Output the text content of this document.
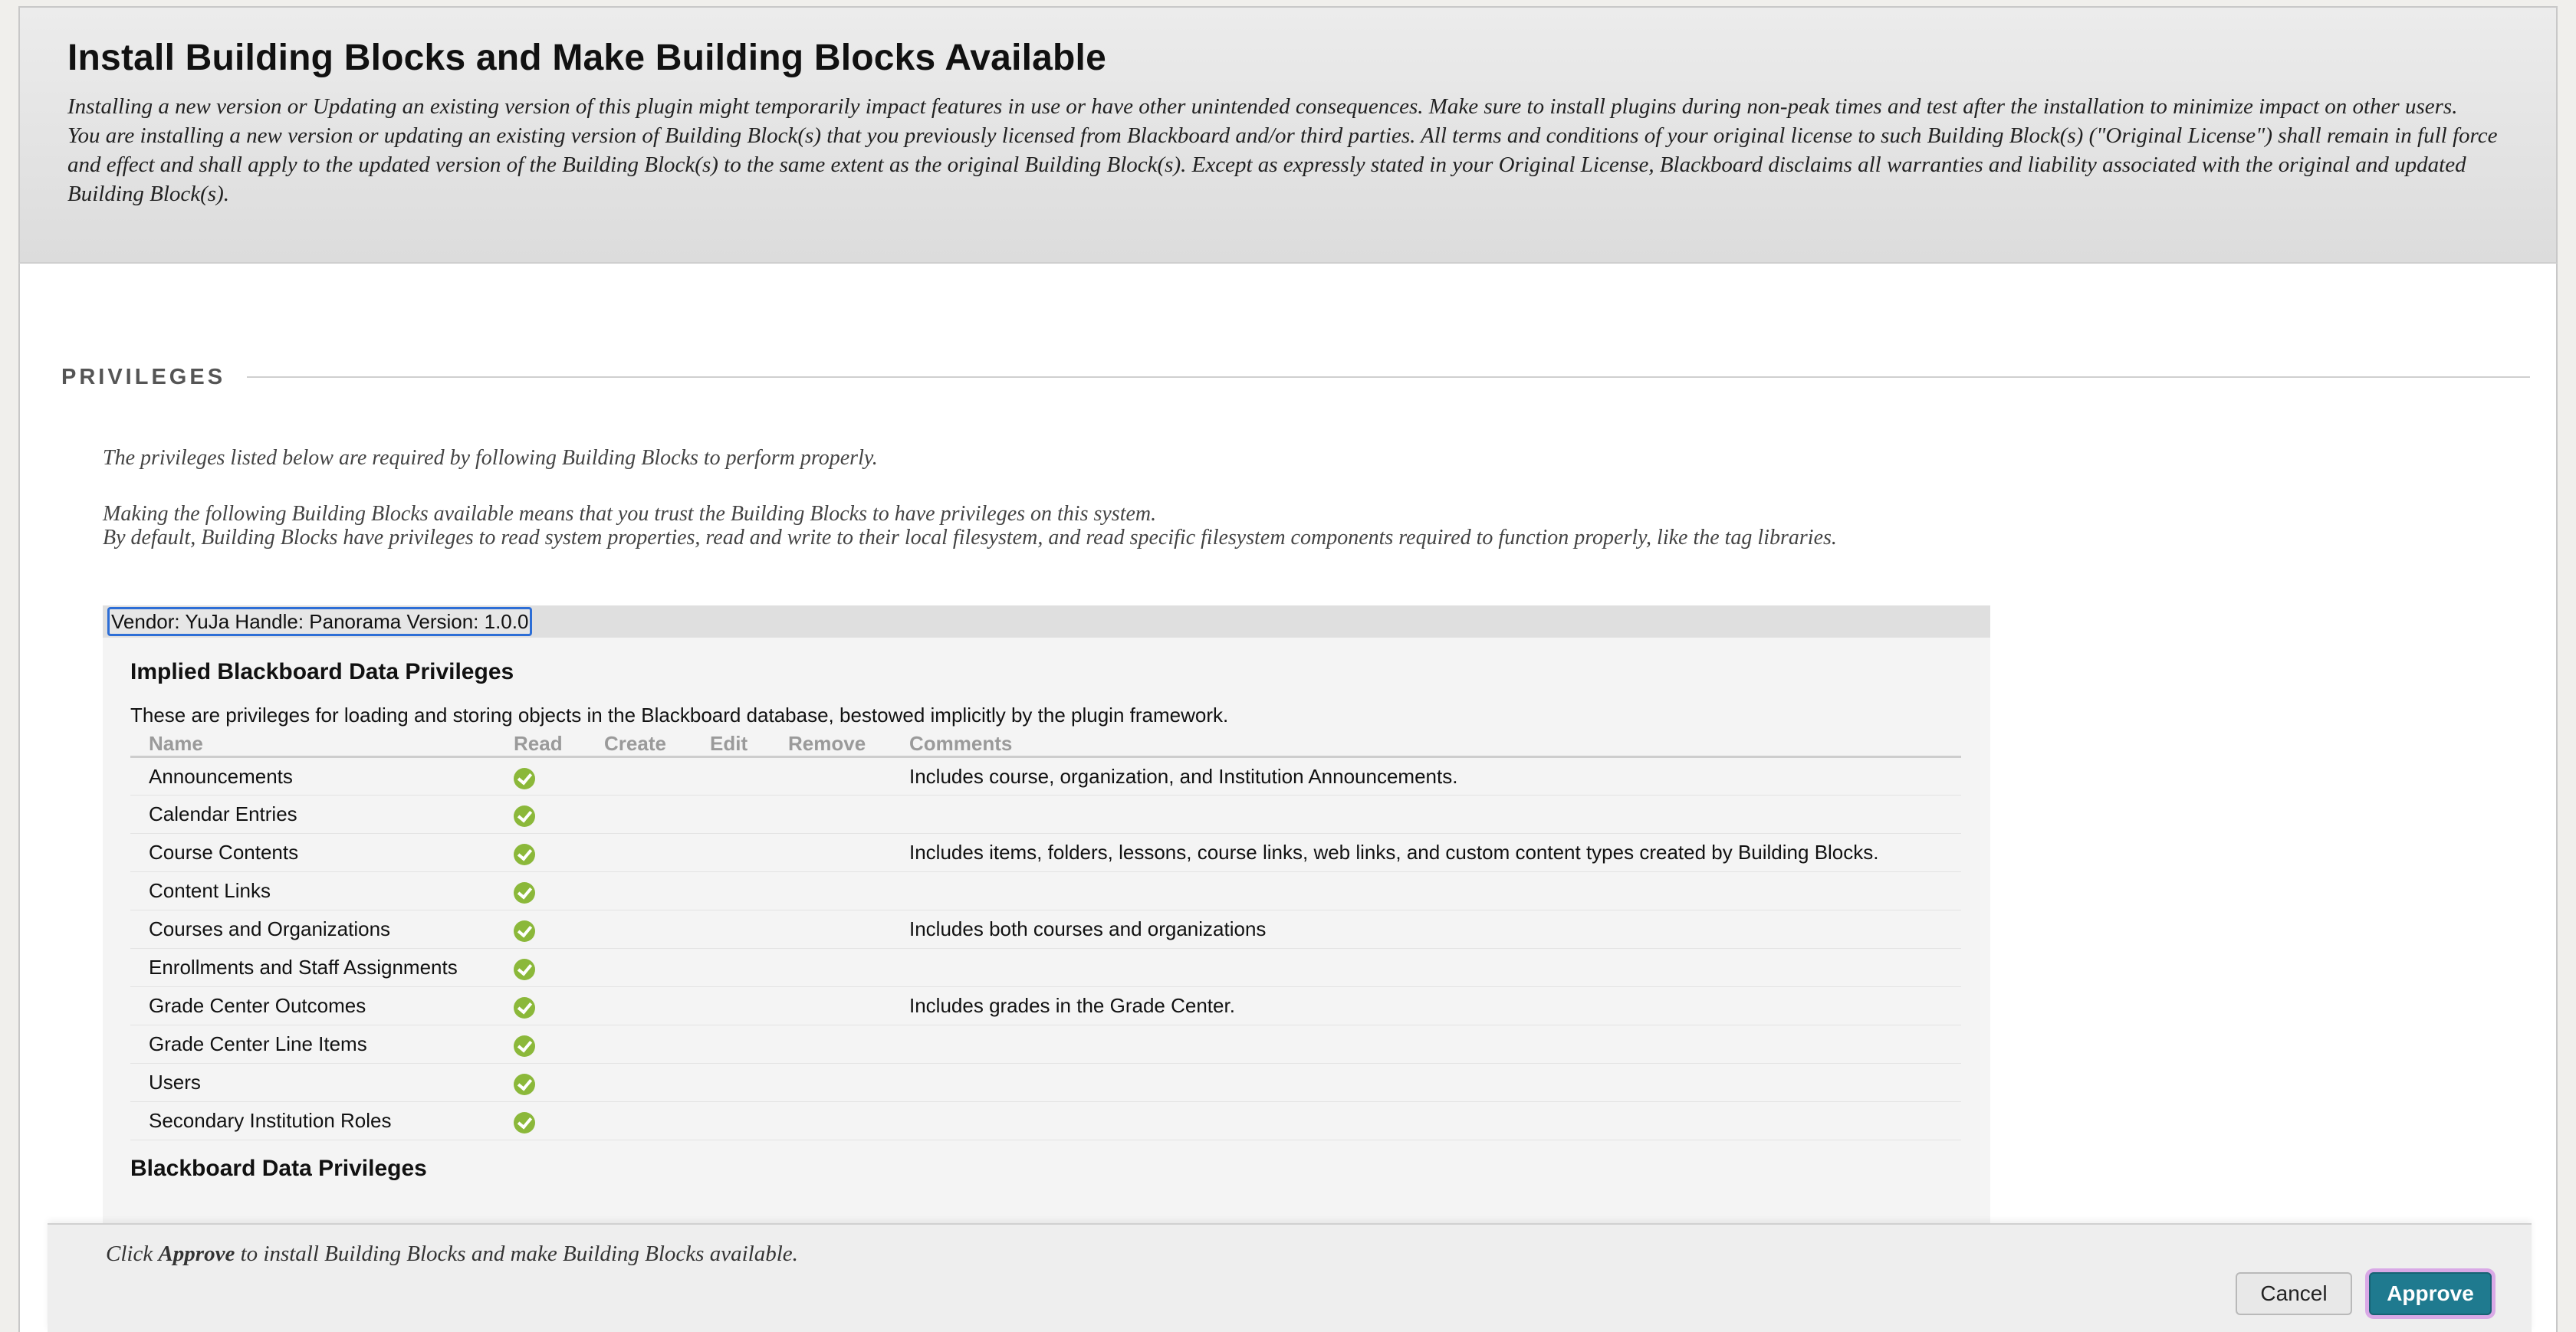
Install Building Blocks and Make Building Blocks Available

Installing a new version or Updating an existing version of this plugin might temporarily impact features in use or have other unintended consequences. Make sure to install plugins during non-peak times and test after the installation to minimize impact on other users.

You are installing a new version or updating an existing version of Building Block(s) that you previously licensed from Blackboard and/or third parties. All terms and conditions of your original license to such Building Block(s) ("Original License") shall remain in full force and effect and shall apply to the updated version of the Building Block(s) to the same extent as the original Building Block(s). Except as expressly stated in your Original License, Blackboard disclaims all warranties and liability associated with the original and updated Building Block(s).

PRIVILEGES
The privileges listed below are required by following Building Blocks to perform properly.
Making the following Building Blocks available means that you trust the Building Blocks to have privileges on this system.
By default, Building Blocks have privileges to read system properties, read and write to their local filesystem, and read specific filesystem components required to function properly, like the tag libraries.
Vendor: YuJa Handle: Panorama Version: 1.0.0
Implied Blackboard Data Privileges
These are privileges for loading and storing objects in the Blackboard database, bestowed implicitly by the plugin framework.
Name	Read	Create	Edit	Remove	Comments
Announcements					Includes course, organization, and Institution Announcements.
Calendar Entries					
Course Contents					Includes items, folders, lessons, course links, web links, and custom content types created by Building Blocks.
Content Links					
Courses and Organizations					Includes both courses and organizations
Enrollments and Staff Assignments					
Grade Center Outcomes					Includes grades in the Grade Center.
Grade Center Line Items					
Users					
Secondary Institution Roles					
Blackboard Data Privileges
Click Approve to install Building Blocks and make Building Blocks available.
Cancel	Approve
